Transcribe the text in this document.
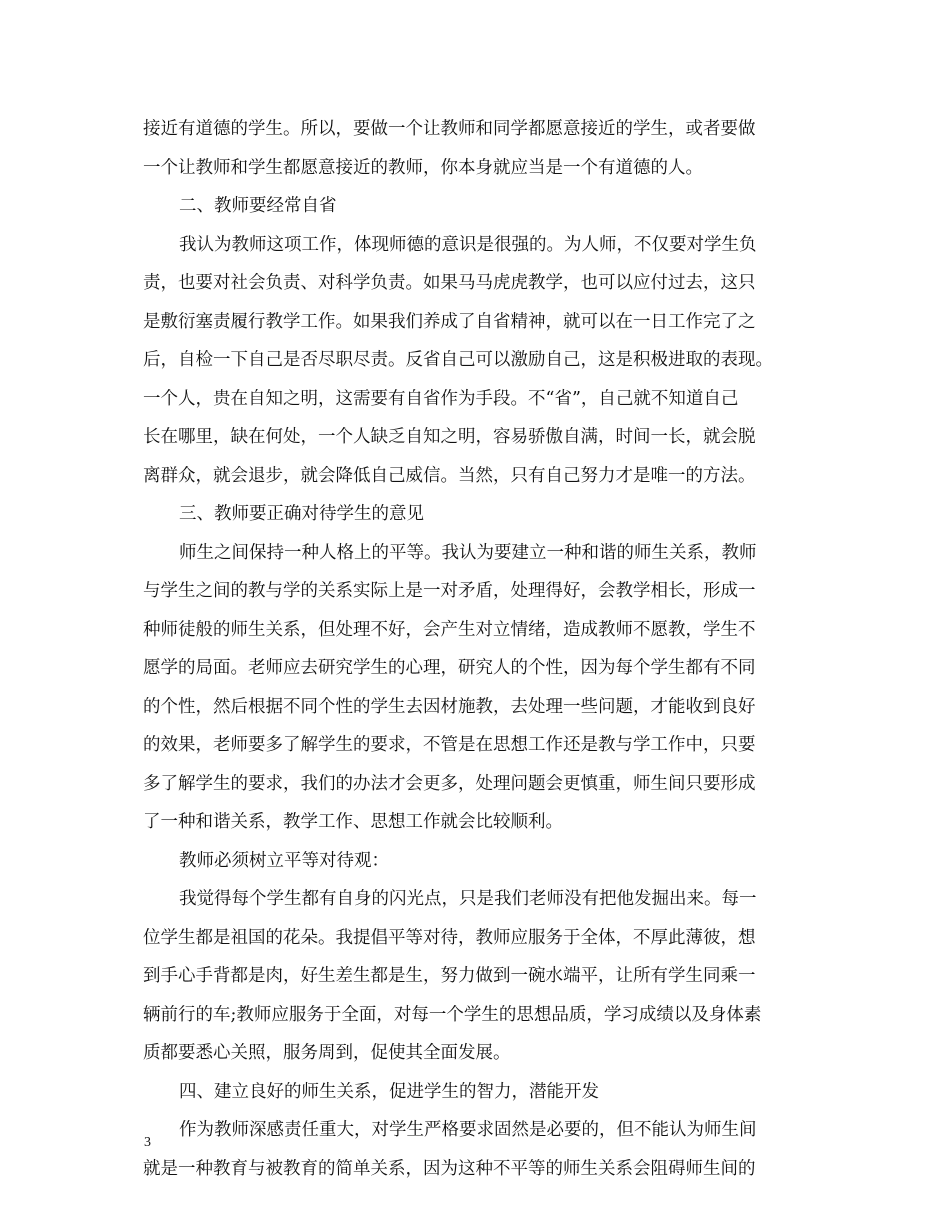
接近有道德的学生。所以，要做一个让教师和同学都愿意接近的学生，或者要做
一个让教师和学生都愿意接近的教师，你本身就应当是一个有道德的人。
二、教师要经常自省
我认为教师这项工作，体现师德的意识是很强的。为人师，不仅要对学生负
责，也要对社会负责、对科学负责。如果马马虎虎教学，也可以应付过去，这只
是敷衍塞责履行教学工作。如果我们养成了自省精神，就可以在一日工作完了之
后，自检一下自己是否尽职尽责。反省自己可以激励自己，这是积极进取的表现。
一个人，贵在自知之明，这需要有自省作为手段。不“省”，自己就不知道自己
长在哪里，缺在何处，一个人缺乏自知之明，容易骄傲自满，时间一长，就会脱
离群众，就会退步，就会降低自己威信。当然，只有自己努力才是唯一的方法。
三、教师要正确对待学生的意见
师生之间保持一种人格上的平等。我认为要建立一种和谐的师生关系，教师
与学生之间的教与学的关系实际上是一对矛盾，处理得好，会教学相长，形成一
种师徒般的师生关系，但处理不好，会产生对立情绪，造成教师不愿教，学生不
愿学的局面。老师应去研究学生的心理，研究人的个性，因为每个学生都有不同
的个性，然后根据不同个性的学生去因材施教，去处理一些问题，才能收到良好
的效果，老师要多了解学生的要求，不管是在思想工作还是教与学工作中，只要
多了解学生的要求，我们的办法才会更多，处理问题会更慎重，师生间只要形成
了一种和谐关系，教学工作、思想工作就会比较顺利。
教师必须树立平等对待观：
我觉得每个学生都有自身的闪光点，只是我们老师没有把他发掘出来。每一
位学生都是祖国的花朵。我提倡平等对待，教师应服务于全体，不厚此薄彼，想
到手心手背都是肉，好生差生都是生，努力做到一碗水端平，让所有学生同乘一
辆前行的车;教师应服务于全面，对每一个学生的思想品质，学习成绩以及身体素
质都要悉心关照，服务周到，促使其全面发展。
四、建立良好的师生关系，促进学生的智力，潜能开发
作为教师深感责任重大，对学生严格要求固然是必要的，但不能认为师生间
就是一种教育与被教育的简单关系，因为这种不平等的师生关系会阻碍师生间的
3
